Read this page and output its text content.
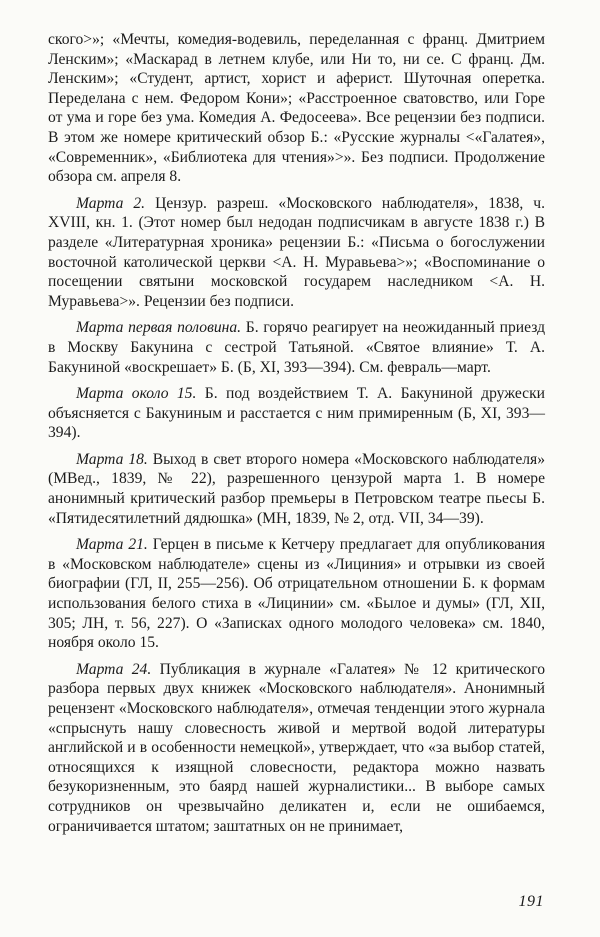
ского>»; «Мечты, комедия-водевиль, переделанная с франц. Дмитрием Ленским»; «Маскарад в летнем клубе, или Ни то, ни се. С франц. Дм. Ленским»; «Студент, артист, хорист и аферист. Шуточная оперетка. Переделана с нем. Федором Кони»; «Расстроенное сватовство, или Горе от ума и горе без ума. Комедия А. Федосеева». Все рецензии без подписи. В этом же номере критический обзор Б.: «Русские журналы <«Галатея», «Современник», «Библиотека для чтения»>». Без подписи. Продолжение обзора см. апреля 8.

Марта 2. Цензур. разреш. «Московского наблюдателя», 1838, ч. XVIII, кн. 1. (Этот номер был недодан подписчикам в августе 1838 г.) В разделе «Литературная хроника» рецензии Б.: «Письма о богослужении восточной католической церкви <А. Н. Муравьева>»; «Воспоминание о посещении святыни московской государем наследником <А. Н. Муравьева>». Рецензии без подписи.

Марта первая половина. Б. горячо реагирует на неожиданный приезд в Москву Бакунина с сестрой Татьяной. «Святое влияние» Т. А. Бакуниной «воскрешает» Б. (Б, XI, 393—394). См. февраль—март.

Марта около 15. Б. под воздействием Т. А. Бакуниной дружески объясняется с Бакуниным и расстается с ним примиренным (Б, XI, 393—394).

Марта 18. Выход в свет второго номера «Московского наблюдателя» (МВед., 1839, № 22), разрешенного цензурой марта 1. В номере анонимный критический разбор премьеры в Петровском театре пьесы Б. «Пятидесятилетний дядюшка» (МН, 1839, № 2, отд. VII, 34—39).

Марта 21. Герцен в письме к Кетчеру предлагает для опубликования в «Московском наблюдателе» сцены из «Лициния» и отрывки из своей биографии (ГЛ, II, 255—256). Об отрицательном отношении Б. к формам использования белого стиха в «Лицинии» см. «Былое и думы» (ГЛ, XII, 305; ЛН, т. 56, 227). О «Записках одного молодого человека» см. 1840, ноября около 15.

Марта 24. Публикация в журнале «Галатея» № 12 критического разбора первых двух книжек «Московского наблюдателя». Анонимный рецензент «Московского наблюдателя», отмечая тенденции этого журнала «спрыснуть нашу словесность живой и мертвой водой литературы английской и в особенности немецкой», утверждает, что «за выбор статей, относящихся к изящной словесности, редактора можно назвать безукоризненным, это баярд нашей журналистики... В выборе самых сотрудников он чрезвычайно деликатен и, если не ошибаемся, ограничивается штатом; заштатных он не принимает,

191
